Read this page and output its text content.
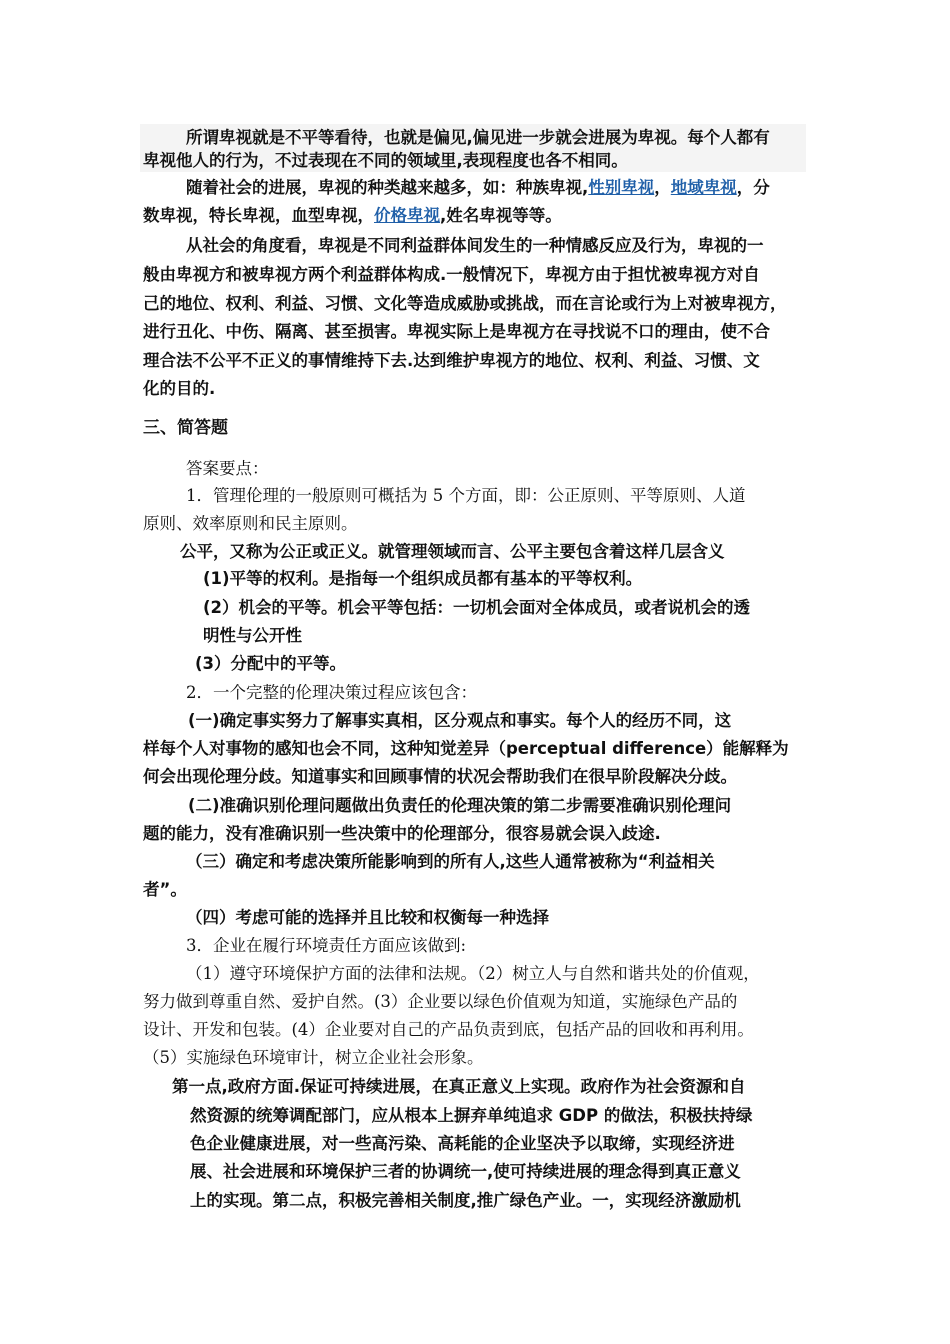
所谓卑视就是不平等看待，也就是偏见,偏见进一步就会进展为卑视。每个人都有
卑视他人的行为，不过表现在不同的领域里,表现程度也各不相同。
随着社会的进展，卑视的种类越来越多，如：种族卑视,性别卑视，地域卑视，分
数卑视，特长卑视，血型卑视，价格卑视,姓名卑视等等。
从社会的角度看，卑视是不同利益群体间发生的一种情感反应及行为，卑视的一
般由卑视方和被卑视方两个利益群体构成.一般情况下，卑视方由于担忧被卑视方对自
己的地位、权利、利益、习惯、文化等造成威胁或挑战，而在言论或行为上对被卑视方，
进行丑化、中伤、隔离、甚至损害。卑视实际上是卑视方在寻找说不口的理由，使不合
理合法不公平不正义的事情维持下去.达到维护卑视方的地位、权利、利益、习惯、文
化的目的.
三、简答题
答案要点：
1．管理伦理的一般原则可概括为 5 个方面，即：公正原则、平等原则、人道
原则、效率原则和民主原则。
公平，又称为公正或正义。就管理领域而言、公平主要包含着这样几层含义
(1)平等的权利。是指每一个组织成员都有基本的平等权利。
(2）机会的平等。机会平等包括：一切机会面对全体成员，或者说机会的透
明性与公开性
(3）分配中的平等。
2．一个完整的伦理决策过程应该包含：
(一)确定事实努力了解事实真相，区分观点和事实。每个人的经历不同，这
样每个人对事物的感知也会不同，这种知觉差异（perceptual difference）能解释为
何会出现伦理分歧。知道事实和回顾事情的状况会帮助我们在很早阶段解决分歧。
(二)准确识别伦理问题做出负责任的伦理决策的第二步需要准确识别伦理问
题的能力，没有准确识别一些决策中的伦理部分，很容易就会误入歧途.
（三）确定和考虑决策所能影响到的所有人,这些人通常被称为“利益相关
者”。
（四）考虑可能的选择并且比较和权衡每一种选择
3．企业在履行环境责任方面应该做到:
（1）遵守环境保护方面的法律和法规。（2）树立人与自然和谐共处的价值观，
努力做到尊重自然、爱护自然。(3）企业要以绿色价值观为知道，实施绿色产品的
设计、开发和包装。(4）企业要对自己的产品负责到底，包括产品的回收和再利用。
（5）实施绿色环境审计，树立企业社会形象。
第一点,政府方面.保证可持续进展，在真正意义上实现。政府作为社会资源和自
然资源的统筹调配部门，应从根本上摒弃单纯追求 GDP 的做法，积极扶持绿
色企业健康进展，对一些高污染、高耗能的企业坚决予以取缔，实现经济进
展、社会进展和环境保护三者的协调统一,使可持续进展的理念得到真正意义
上的实现。第二点，积极完善相关制度,推广绿色产业。一，实现经济激励机
